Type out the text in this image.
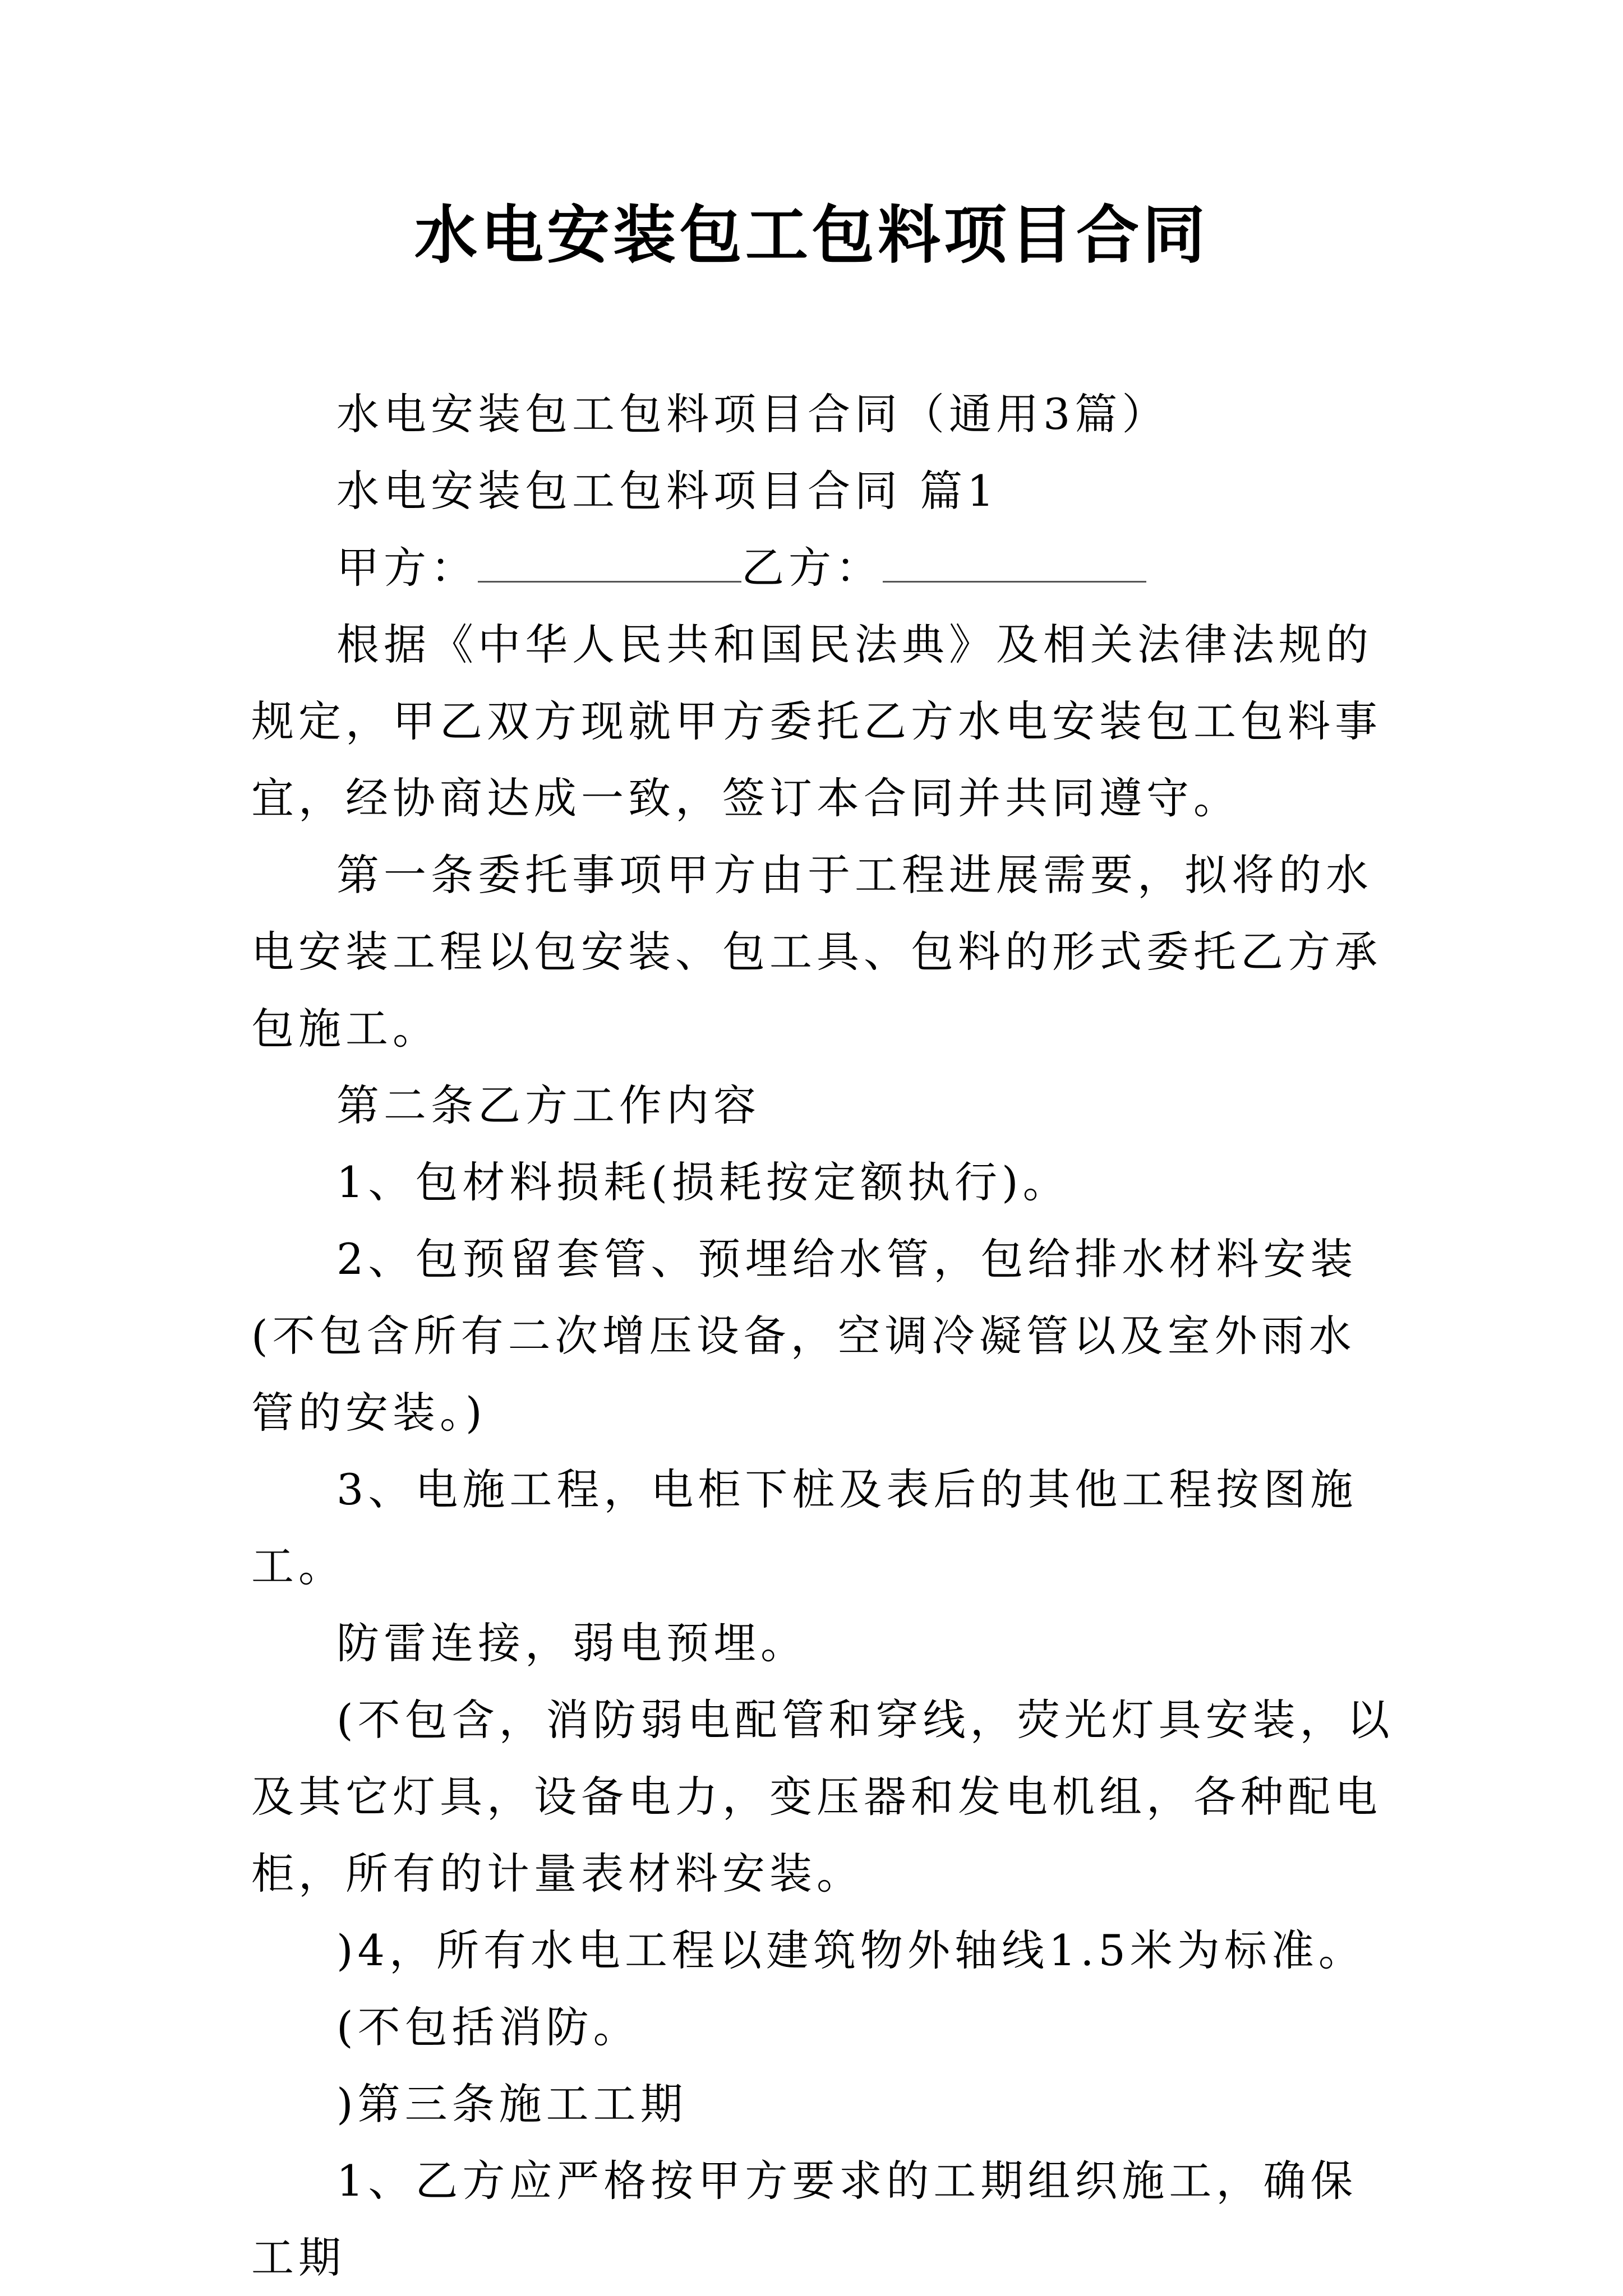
水电安装包工包料项目合同

水电安装包工包料项目合同（通用3篇）

水电安装包工包料项目合同 篇1

甲方：	乙方：

根据《中华人民共和国民法典》及相关法律法规的规定，甲乙双方现就甲方委托乙方水电安装包工包料事宜，经协商达成一致，签订本合同并共同遵守。

第一条委托事项甲方由于工程进展需要，拟将的水电安装工程以包安装、包工具、包料的形式委托乙方承包施工。

第二条乙方工作内容

1、包材料损耗(损耗按定额执行)。

2、包预留套管、预埋给水管，包给排水材料安装(不包含所有二次增压设备，空调冷凝管以及室外雨水管的安装。)

3、电施工程，电柜下桩及表后的其他工程按图施工。

防雷连接，弱电预埋。

(不包含，消防弱电配管和穿线，荧光灯具安装，以及其它灯具，设备电力，变压器和发电机组，各种配电柜，所有的计量表材料安装。

)4，所有水电工程以建筑物外轴线1.5米为标准。

(不包括消防。

)第三条施工工期

1、乙方应严格按甲方要求的工期组织施工，确保工期
